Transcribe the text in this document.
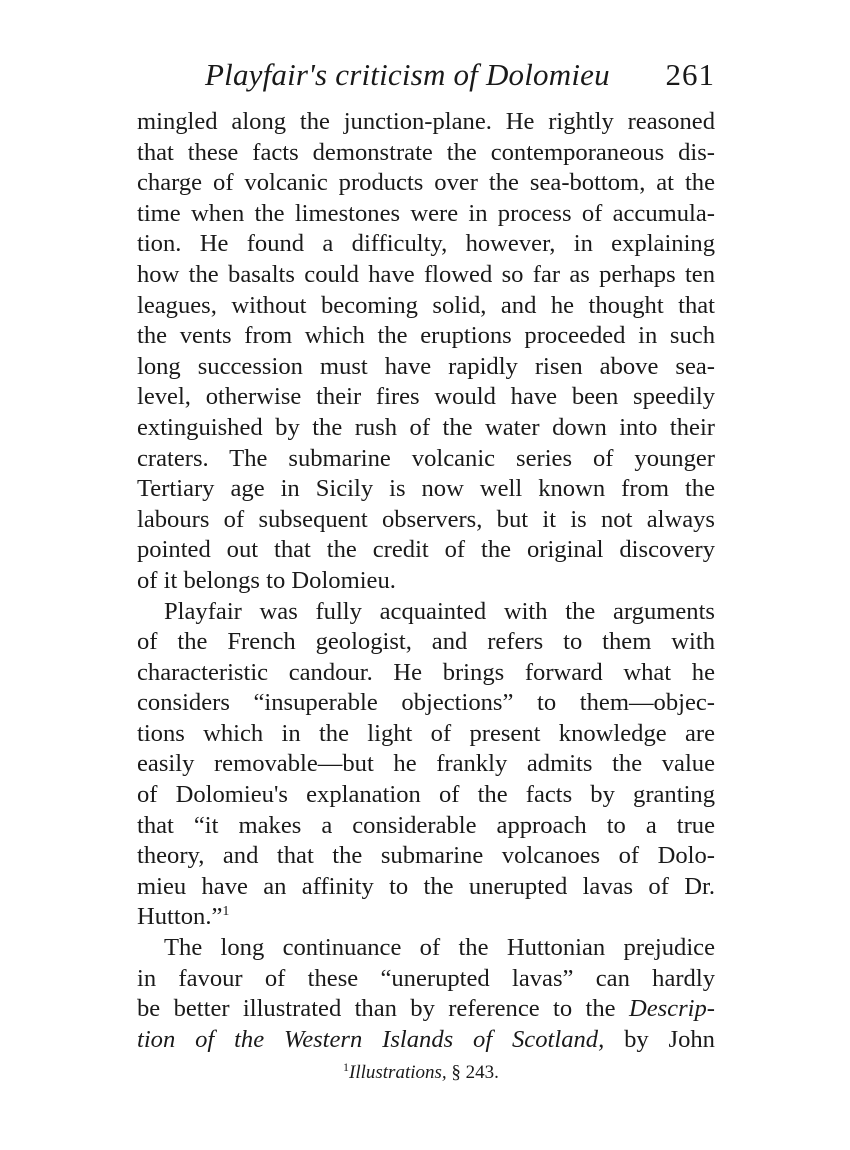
Playfair's criticism of Dolomieu 261
mingled along the junction-plane. He rightly reasoned
that these facts demonstrate the contemporaneous dis-
charge of volcanic products over the sea-bottom, at the
time when the limestones were in process of accumula-
tion. He found a difficulty, however, in explaining
how the basalts could have flowed so far as perhaps ten
leagues, without becoming solid, and he thought that
the vents from which the eruptions proceeded in such
long succession must have rapidly risen above sea-
level, otherwise their fires would have been speedily
extinguished by the rush of the water down into their
craters. The submarine volcanic series of younger
Tertiary age in Sicily is now well known from the
labours of subsequent observers, but it is not always
pointed out that the credit of the original discovery
of it belongs to Dolomieu.
Playfair was fully acquainted with the arguments
of the French geologist, and refers to them with
characteristic candour. He brings forward what he
considers “insuperable objections” to them—objec-
tions which in the light of present knowledge are
easily removable—but he frankly admits the value
of Dolomieu's explanation of the facts by granting
that “it makes a considerable approach to a true
theory, and that the submarine volcanoes of Dolo-
mieu have an affinity to the unerupted lavas of Dr.
Hutton.”$^1$
The long continuance of the Huttonian prejudice
in favour of these “unerupted lavas” can hardly
be better illustrated than by reference to the Descrip-
tion of the Western Islands of Scotland, by John
$^1$Illustrations, § 243.
